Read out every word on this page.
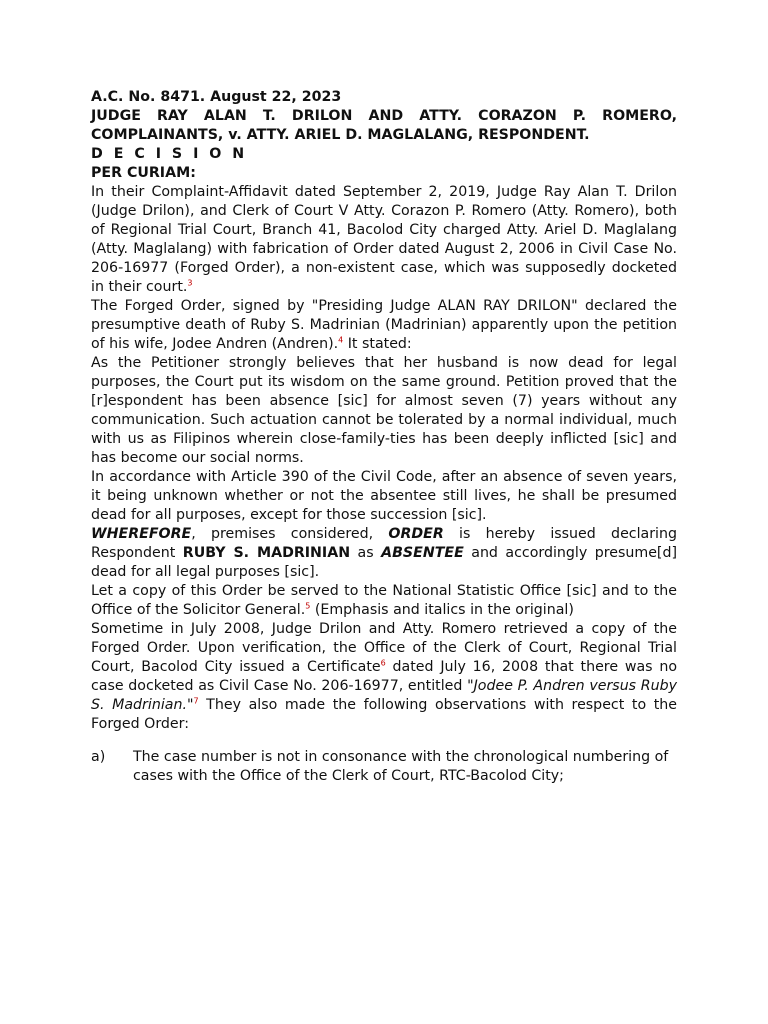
A.C. No. 8471. August 22, 2023

JUDGE RAY ALAN T. DRILON AND ATTY. CORAZON P. ROMERO, COMPLAINANTS, v. ATTY. ARIEL D. MAGLALANG, RESPONDENT.

D E C I S I O N

PER CURIAM:

In their Complaint-Affidavit dated September 2, 2019, Judge Ray Alan T. Drilon (Judge Drilon), and Clerk of Court V Atty. Corazon P. Romero (Atty. Romero), both of Regional Trial Court, Branch 41, Bacolod City charged Atty. Ariel D. Maglalang (Atty. Maglalang) with fabrication of Order dated August 2, 2006 in Civil Case No. 206-16977 (Forged Order), a non-existent case, which was supposedly docketed in their court.$^3$

The Forged Order, signed by "Presiding Judge ALAN RAY DRILON" declared the presumptive death of Ruby S. Madrinian (Madrinian) apparently upon the petition of his wife, Jodee Andren (Andren).$^4$ It stated:

As the Petitioner strongly believes that her husband is now dead for legal purposes, the Court put its wisdom on the same ground. Petition proved that the [r]espondent has been absence [sic] for almost seven (7) years without any communication. Such actuation cannot be tolerated by a normal individual, much with us as Filipinos wherein close-family-ties has been deeply inflicted [sic] and has become our social norms.

In accordance with Article 390 of the Civil Code, after an absence of seven years, it being unknown whether or not the absentee still lives, he shall be presumed dead for all purposes, except for those succession [sic].

WHEREFORE, premises considered, ORDER is hereby issued declaring Respondent RUBY S. MADRINIAN as ABSENTEE and accordingly presume[d] dead for all legal purposes [sic].

Let a copy of this Order be served to the National Statistic Office [sic] and to the Office of the Solicitor General.$^5$ (Emphasis and italics in the original)

Sometime in July 2008, Judge Drilon and Atty. Romero retrieved a copy of the Forged Order. Upon verification, the Office of the Clerk of Court, Regional Trial Court, Bacolod City issued a Certificate$^6$ dated July 16, 2008 that there was no case docketed as Civil Case No. 206-16977, entitled "Jodee P. Andren versus Ruby S. Madrinian."$^7$ They also made the following observations with respect to the Forged Order:

a)	The case number is not in consonance with the chronological numbering of cases with the Office of the Clerk of Court, RTC-Bacolod City;
